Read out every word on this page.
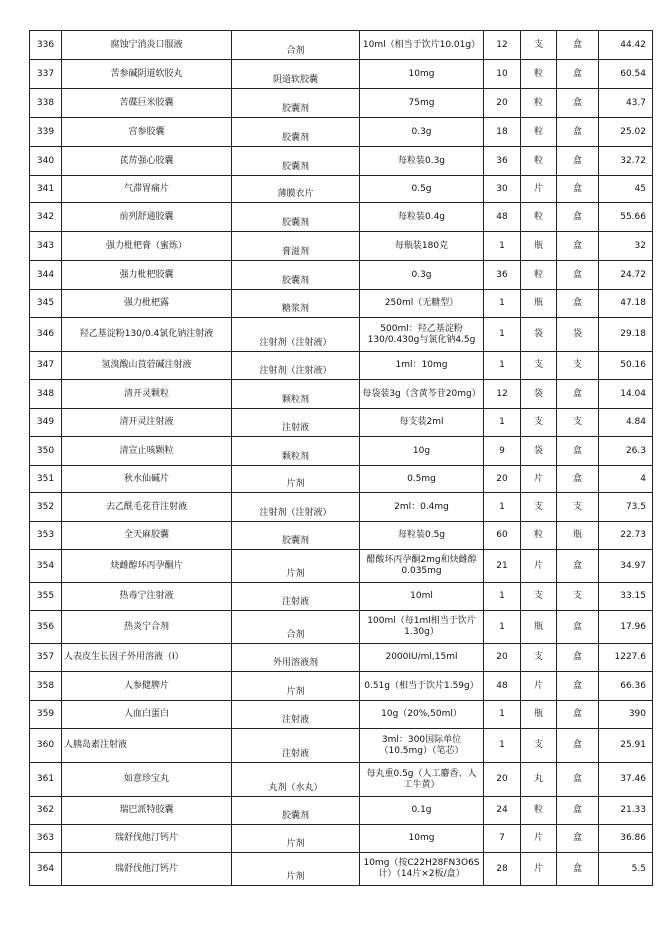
336	腐蚀宁消炎口服液	合剂	10ml（相当于饮片10.01g）	12	支	盒	44.42
337	苦参碱阴道软胶丸	阴道软胶囊	10mg	10	粒	盒	60.54
338	苦碟巨米胶囊	胶囊剂	75mg	20	粒	盒	43.7
339	宫参胶囊	胶囊剂	0.3g	18	粒	盒	25.02
340	芪苈强心胶囊	胶囊剂	每粒装0.3g	36	粒	盒	32.72
341	气滞胃痛片	薄膜衣片	0.5g	30	片	盒	45
342	前列舒通胶囊	胶囊剂	每粒装0.4g	48	粒	盒	55.66
343	强力枇杷膏（蜜炼）	膏滋剂	每瓶装180克	1	瓶	盒	32
344	强力枇杷胶囊	胶囊剂	0.3g	36	粒	盒	24.72
345	强力枇杷露	糖浆剂	250ml（无糖型）	1	瓶	盒	47.18
346	羟乙基淀粉130/0.4氯化钠注射液	注射剂（注射液）	500ml：羟乙基淀粉130/0.430g与氯化钠4.5g	1	袋	袋	29.18
347	氢溴酸山莨菪碱注射液	注射剂（注射液）	1ml：10mg	1	支	支	50.16
348	清开灵颗粒	颗粒剂	每袋装3g（含黄芩苷20mg）	12	袋	盒	14.04
349	清开灵注射液	注射液	每支装2ml	1	支	支	4.84
350	清宣止咳颗粒	颗粒剂	10g	9	袋	盒	26.3
351	秋水仙碱片	片剂	0.5mg	20	片	盒	4
352	去乙酰毛花苷注射液	注射剂（注射液）	2ml：0.4mg	1	支	支	73.5
353	全天麻胶囊	胶囊剂	每粒装0.5g	60	粒	瓶	22.73
354	炔雌醇环丙孕酮片	片剂	醋酸环丙孕酮2mg和炔雌醇0.035mg	21	片	盒	34.97
355	热毒宁注射液	注射液	10ml	1	支	支	33.15
356	热炎宁合剂	合剂	100ml（每1ml相当于饮片1.30g）	1	瓶	盒	17.96
357	人表皮生长因子外用溶液（I）	外用溶液剂	2000IU/ml,15ml	20	支	盒	1227.6
358	人参健脾片	片剂	0.51g（相当于饮片1.59g）	48	片	盒	66.36
359	人血白蛋白	注射液	10g（20%,50ml）	1	瓶	盒	390
360	人胰岛素注射液	注射液	3ml：300国际单位（10.5mg）（笔芯）	1	支	盒	25.91
361	如意珍宝丸	丸剂（水丸）	每丸重0.5g（人工麝香、人工牛黄）	20	丸	盒	37.46
362	瑞巴派特胶囊	胶囊剂	0.1g	24	粒	盒	21.33
363	瑞舒伐他汀钙片	片剂	10mg	7	片	盒	36.86
364	瑞舒伐他汀钙片	片剂	10mg（按C22H28FN3O6S计）（14片×2板/盒）	28	片	盒	5.5
